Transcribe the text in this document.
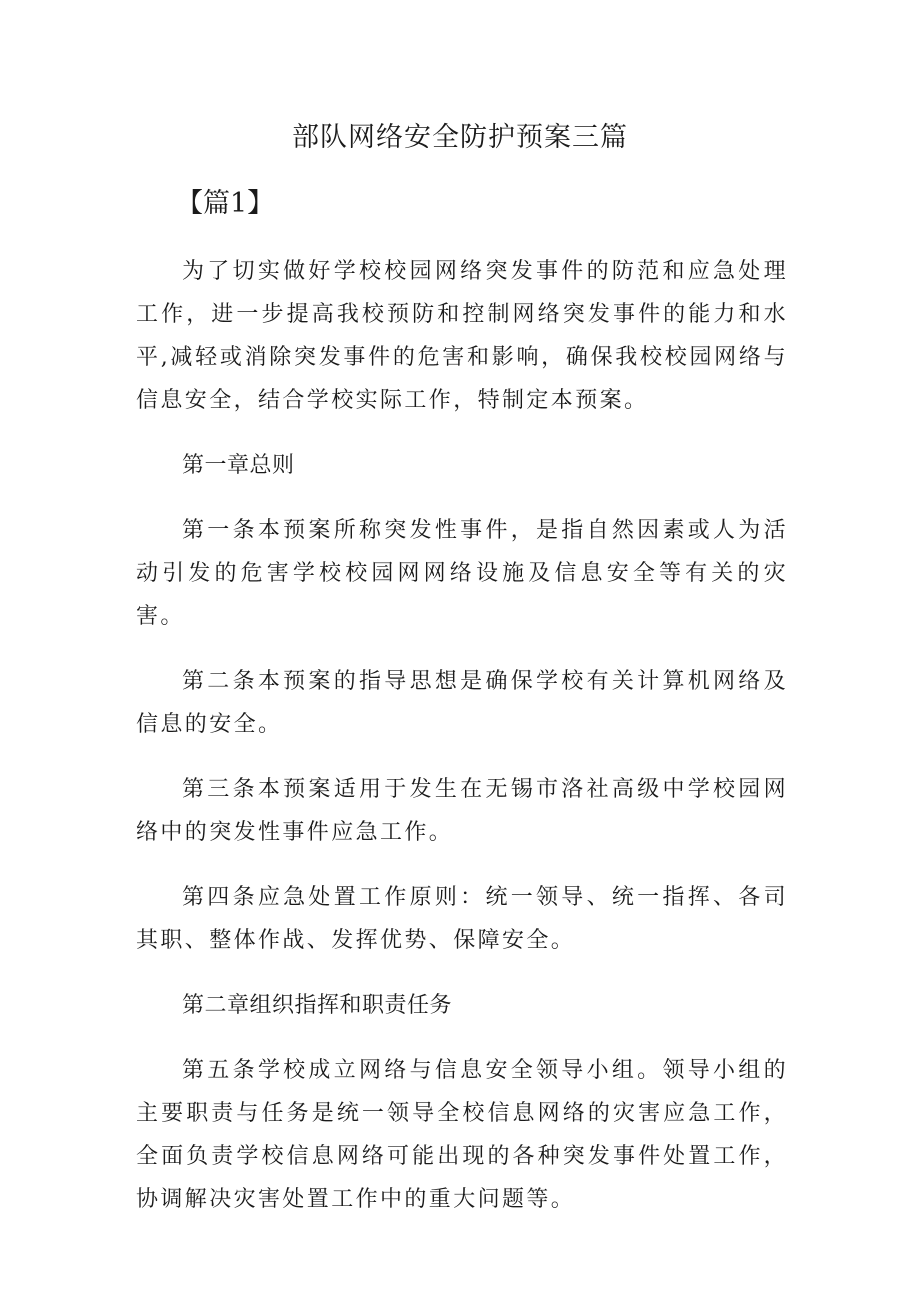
部队网络安全防护预案三篇
【篇1】

为了切实做好学校校园网络突发事件的防范和应急处理工作，进一步提高我校预防和控制网络突发事件的能力和水平,减轻或消除突发事件的危害和影响，确保我校校园网络与信息安全，结合学校实际工作，特制定本预案。

第一章总则

第一条本预案所称突发性事件，是指自然因素或人为活动引发的危害学校校园网网络设施及信息安全等有关的灾害。

第二条本预案的指导思想是确保学校有关计算机网络及信息的安全。

第三条本预案适用于发生在无锡市洛社高级中学校园网络中的突发性事件应急工作。

第四条应急处置工作原则：统一领导、统一指挥、各司其职、整体作战、发挥优势、保障安全。

第二章组织指挥和职责任务

第五条学校成立网络与信息安全领导小组。领导小组的主要职责与任务是统一领导全校信息网络的灾害应急工作，全面负责学校信息网络可能出现的各种突发事件处置工作，协调解决灾害处置工作中的重大问题等。
